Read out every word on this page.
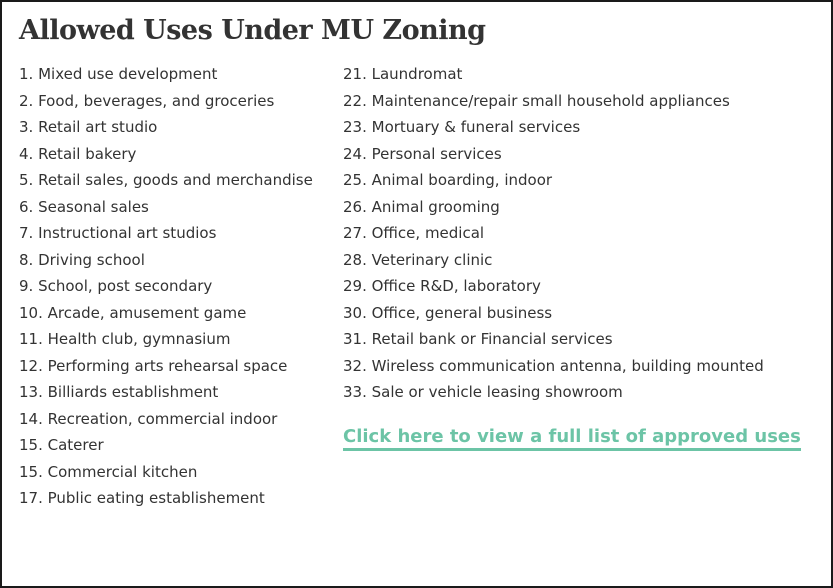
Allowed Uses Under MU Zoning
1. Mixed use development
2. Food, beverages, and groceries
3. Retail art studio
4. Retail bakery
5. Retail sales, goods and merchandise
6. Seasonal sales
7. Instructional art studios
8. Driving school
9. School, post secondary
10. Arcade, amusement game
11. Health club, gymnasium
12. Performing arts rehearsal space
13. Billiards establishment
14. Recreation, commercial indoor
15. Caterer
15. Commercial kitchen
17. Public eating establishement
21. Laundromat
22. Maintenance/repair small household appliances
23. Mortuary & funeral services
24. Personal services
25. Animal boarding, indoor
26. Animal grooming
27. Office, medical
28. Veterinary clinic
29. Office R&D, laboratory
30. Office, general business
31. Retail bank or Financial services
32. Wireless communication antenna, building mounted
33. Sale or vehicle leasing showroom
Click here to view a full list of approved uses
